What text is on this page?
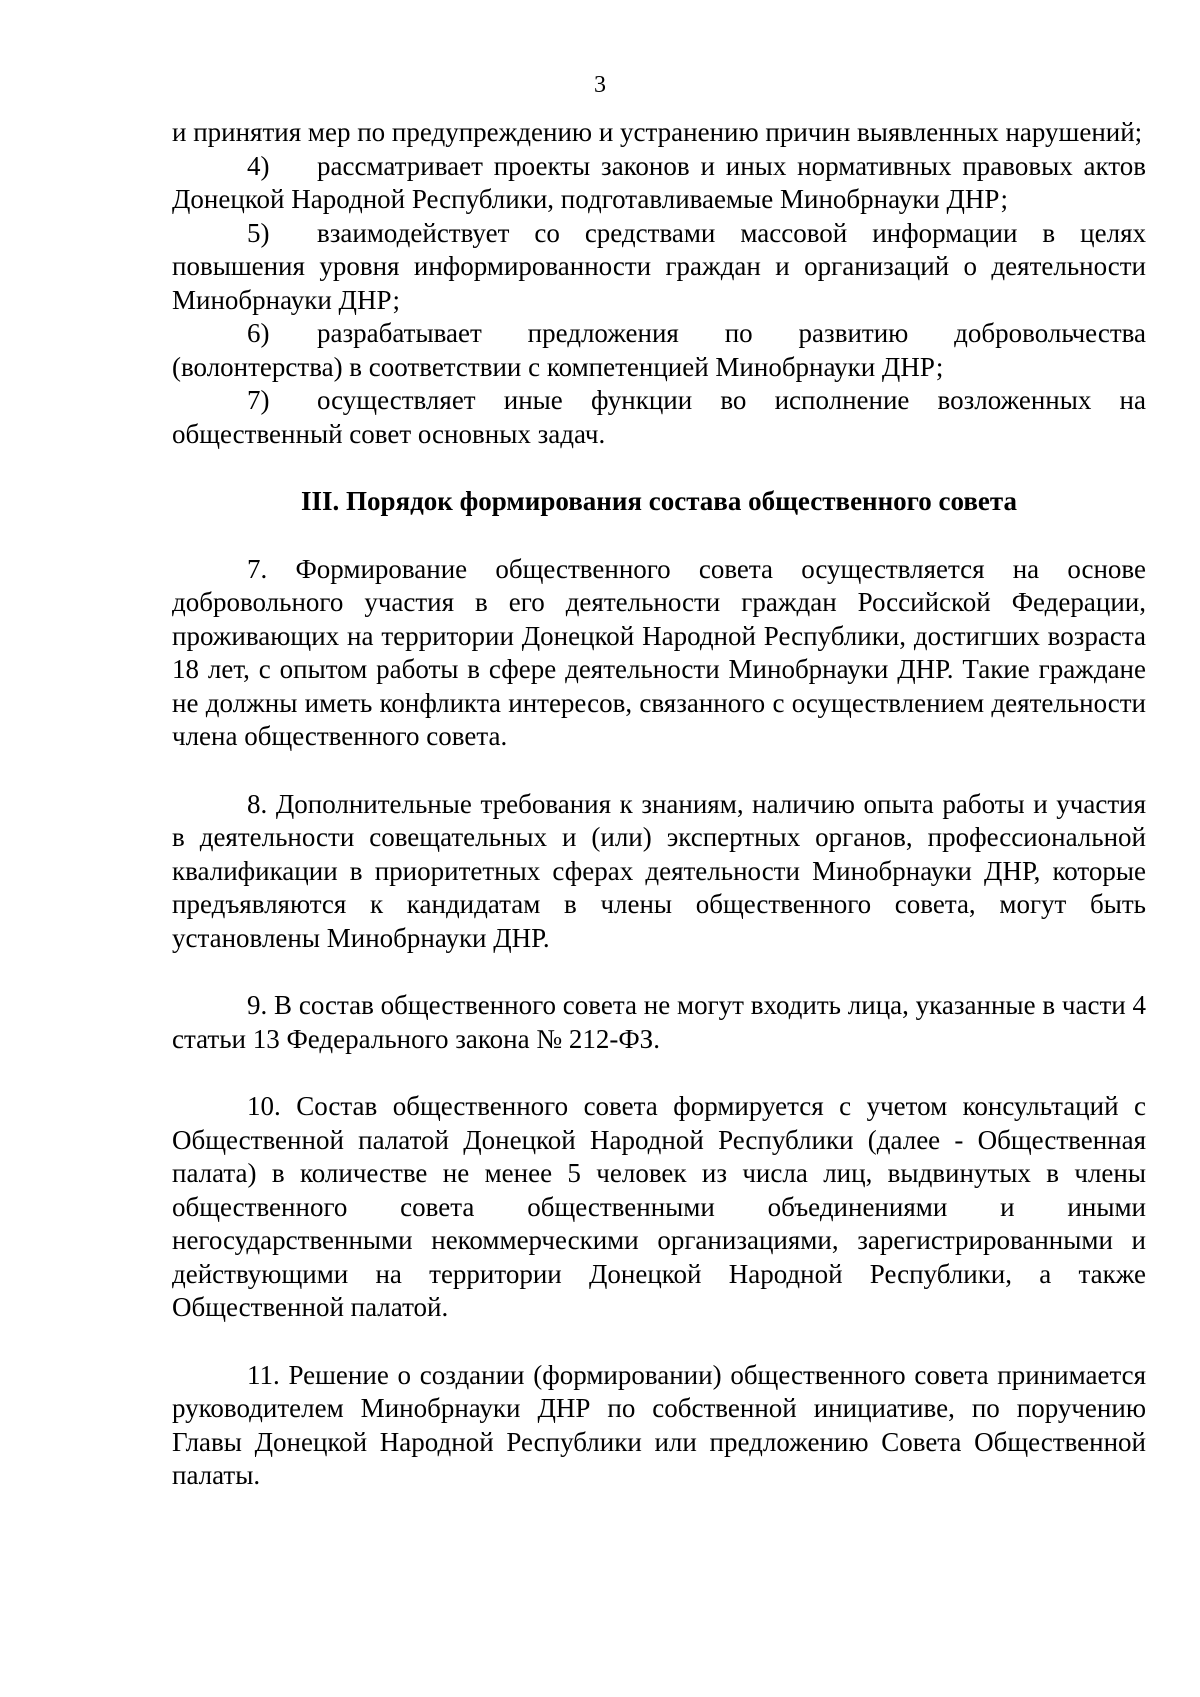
3

и принятия мер по предупреждению и устранению причин выявленных нарушений;

4) рассматривает проекты законов и иных нормативных правовых актов Донецкой Народной Республики, подготавливаемые Минобрнауки ДНР;

5) взаимодействует со средствами массовой информации в целях повышения уровня информированности граждан и организаций о деятельности Минобрнауки ДНР;

6) разрабатывает предложения по развитию добровольчества (волонтерства) в соответствии с компетенцией Минобрнауки ДНР;

7) осуществляет иные функции во исполнение возложенных на общественный совет основных задач.

III. Порядок формирования состава общественного совета

7. Формирование общественного совета осуществляется на основе добровольного участия в его деятельности граждан Российской Федерации, проживающих на территории Донецкой Народной Республики, достигших возраста 18 лет, с опытом работы в сфере деятельности Минобрнауки ДНР. Такие граждане не должны иметь конфликта интересов, связанного с осуществлением деятельности члена общественного совета.

8. Дополнительные требования к знаниям, наличию опыта работы и участия в деятельности совещательных и (или) экспертных органов, профессиональной квалификации в приоритетных сферах деятельности Минобрнауки ДНР, которые предъявляются к кандидатам в члены общественного совета, могут быть установлены Минобрнауки ДНР.

9. В состав общественного совета не могут входить лица, указанные в части 4 статьи 13 Федерального закона № 212-ФЗ.

10. Состав общественного совета формируется с учетом консультаций с Общественной палатой Донецкой Народной Республики (далее - Общественная палата) в количестве не менее 5 человек из числа лиц, выдвинутых в члены общественного совета общественными объединениями и иными негосударственными некоммерческими организациями, зарегистрированными и действующими на территории Донецкой Народной Республики, а также Общественной палатой.

11. Решение о создании (формировании) общественного совета принимается руководителем Минобрнауки ДНР по собственной инициативе, по поручению Главы Донецкой Народной Республики или предложению Совета Общественной палаты.
